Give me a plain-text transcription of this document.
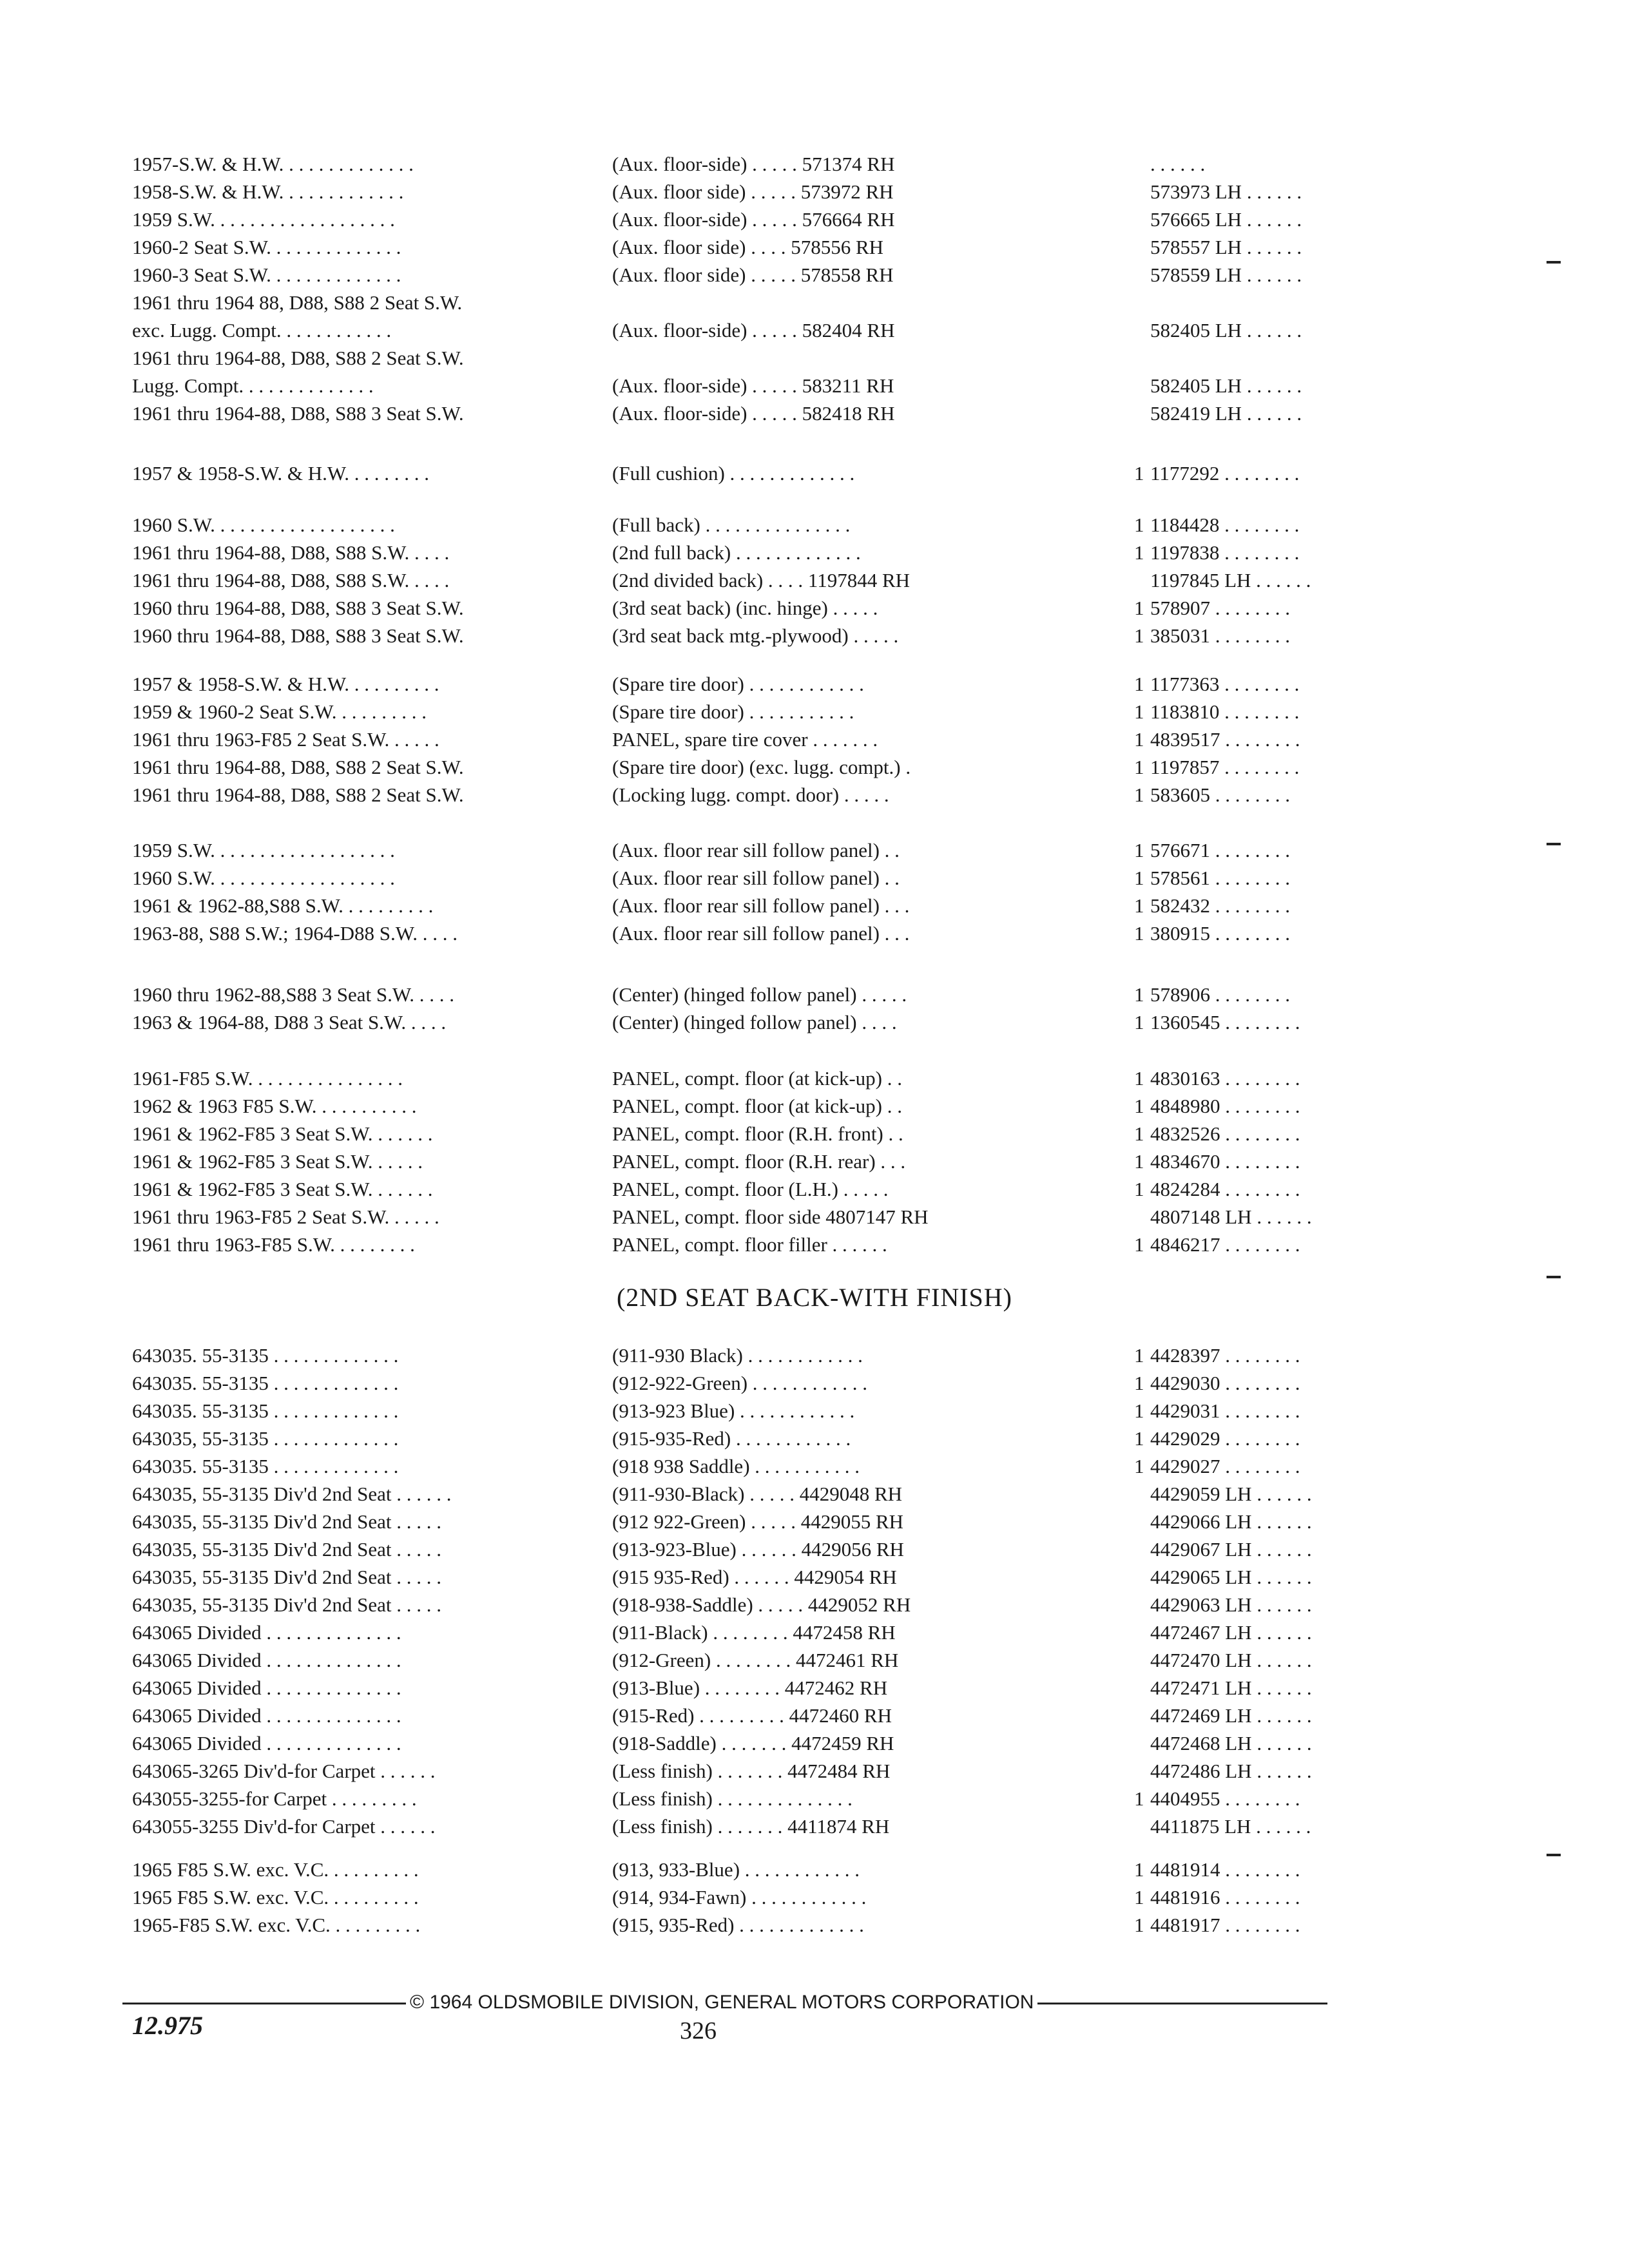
1957-S.W. & H.W. . . . . . . . . . . . . .	(Aux. floor-side) . . . . . 571374 RH	. . . . . .
1958-S.W. & H.W. . . . . . . . . . . . .	(Aux. floor side) . . . . . 573972 RH	573973 LH . . . . . .
1959 S.W. . . . . . . . . . . . . . . . . . .	(Aux. floor-side) . . . . . 576664 RH	576665 LH . . . . . .
1960-2 Seat S.W. . . . . . . . . . . . . .	(Aux. floor side) . . . . 578556 RH	578557 LH . . . . . .
1960-3 Seat S.W. . . . . . . . . . . . . .	(Aux. floor side) . . . . . 578558 RH	578559 LH . . . . . .
1961 thru 1964 88, D88, S88 2 Seat S.W.
exc. Lugg. Compt. . . . . . . . . . . .	(Aux. floor-side) . . . . . 582404 RH	582405 LH . . . . . .
1961 thru 1964-88, D88, S88 2 Seat S.W.
Lugg. Compt. . . . . . . . . . . . . .	(Aux. floor-side) . . . . . 583211 RH	582405 LH . . . . . .
1961 thru 1964-88, D88, S88 3 Seat S.W.	(Aux. floor-side) . . . . . 582418 RH	582419 LH . . . . . .
1957 & 1958-S.W. & H.W. . . . . . . . .	(Full cushion) . . . . . . . . . . . . .	1 1177292 . . . . . . . .
1960 S.W. . . . . . . . . . . . . . . . . . .	(Full back) . . . . . . . . . . . . . . .	1 1184428 . . . . . . . .
1961 thru 1964-88, D88, S88 S.W. . . . .	(2nd full back) . . . . . . . . . . . . .	1 1197838 . . . . . . . .
1961 thru 1964-88, D88, S88 S.W. . . . .	(2nd divided back) . . . . 1197844 RH	1197845 LH . . . . . .
1960 thru 1964-88, D88, S88 3 Seat S.W.	(3rd seat back) (inc. hinge) . . . . .	1 578907 . . . . . . . .
1960 thru 1964-88, D88, S88 3 Seat S.W.	(3rd seat back mtg.-plywood) . . . . .	1 385031 . . . . . . . .
1957 & 1958-S.W. & H.W. . . . . . . . . .	(Spare tire door) . . . . . . . . . . . .	1 1177363 . . . . . . . .
1959 & 1960-2 Seat S.W. . . . . . . . . .	(Spare tire door) . . . . . . . . . . .	1 1183810 . . . . . . . .
1961 thru 1963-F85 2 Seat S.W. . . . . .	PANEL, spare tire cover . . . . . . .	1 4839517 . . . . . . . .
1961 thru 1964-88, D88, S88 2 Seat S.W.	(Spare tire door) (exc. lugg. compt.) .	1 1197857 . . . . . . . .
1961 thru 1964-88, D88, S88 2 Seat S.W.	(Locking lugg. compt. door) . . . . .	1 583605 . . . . . . . .
1959 S.W. . . . . . . . . . . . . . . . . . .	(Aux. floor rear sill follow panel) . .	1 576671 . . . . . . . .
1960 S.W. . . . . . . . . . . . . . . . . . .	(Aux. floor rear sill follow panel) . .	1 578561 . . . . . . . .
1961 & 1962-88,S88 S.W. . . . . . . . . .	(Aux. floor rear sill follow panel) . . .	1 582432 . . . . . . . .
1963-88, S88 S.W.; 1964-D88 S.W. . . . .	(Aux. floor rear sill follow panel) . . .	1 380915 . . . . . . . .
1960 thru 1962-88,S88 3 Seat S.W. . . . .	(Center) (hinged follow panel) . . . . .	1 578906 . . . . . . . .
1963 & 1964-88, D88 3 Seat S.W. . . . .	(Center) (hinged follow panel) . . . .	1 1360545 . . . . . . . .
1961-F85 S.W. . . . . . . . . . . . . . . .	PANEL, compt. floor (at kick-up) . .	1 4830163 . . . . . . . .
1962 & 1963 F85 S.W. . . . . . . . . . .	PANEL, compt. floor (at kick-up) . .	1 4848980 . . . . . . . .
1961 & 1962-F85 3 Seat S.W. . . . . . .	PANEL, compt. floor (R.H. front) . .	1 4832526 . . . . . . . .
1961 & 1962-F85 3 Seat S.W. . . . . .	PANEL, compt. floor (R.H. rear) . . .	1 4834670 . . . . . . . .
1961 & 1962-F85 3 Seat S.W. . . . . . .	PANEL, compt. floor (L.H.) . . . . .	1 4824284 . . . . . . . .
1961 thru 1963-F85 2 Seat S.W. . . . . .	PANEL, compt. floor side 4807147 RH	4807148 LH . . . . . .
1961 thru 1963-F85 S.W. . . . . . . . .	PANEL, compt. floor filler . . . . . .	1 4846217 . . . . . . . .
(2ND SEAT BACK-WITH FINISH)
643035. 55-3135 . . . . . . . . . . . . .	(911-930 Black) . . . . . . . . . . . .	1 4428397 . . . . . . . .
643035. 55-3135 . . . . . . . . . . . . .	(912-922-Green) . . . . . . . . . . . .	1 4429030 . . . . . . . .
643035. 55-3135 . . . . . . . . . . . . .	(913-923 Blue) . . . . . . . . . . . .	1 4429031 . . . . . . . .
643035, 55-3135 . . . . . . . . . . . . .	(915-935-Red) . . . . . . . . . . . .	1 4429029 . . . . . . . .
643035. 55-3135 . . . . . . . . . . . . .	(918 938 Saddle) . . . . . . . . . . .	1 4429027 . . . . . . . .
643035, 55-3135 Div'd 2nd Seat . . . . . .	(911-930-Black) . . . . . 4429048 RH	4429059 LH . . . . . .
643035, 55-3135 Div'd 2nd Seat . . . . .	(912 922-Green) . . . . . 4429055 RH	4429066 LH . . . . . .
643035, 55-3135 Div'd 2nd Seat . . . . .	(913-923-Blue) . . . . . . 4429056 RH	4429067 LH . . . . . .
643035, 55-3135 Div'd 2nd Seat . . . . .	(915 935-Red) . . . . . . 4429054 RH	4429065 LH . . . . . .
643035, 55-3135 Div'd 2nd Seat . . . . .	(918-938-Saddle) . . . . . 4429052 RH	4429063 LH . . . . . .
643065 Divided . . . . . . . . . . . . . .	(911-Black) . . . . . . . . 4472458 RH	4472467 LH . . . . . .
643065 Divided . . . . . . . . . . . . . .	(912-Green) . . . . . . . . 4472461 RH	4472470 LH . . . . . .
643065 Divided . . . . . . . . . . . . . .	(913-Blue) . . . . . . . . 4472462 RH	4472471 LH . . . . . .
643065 Divided . . . . . . . . . . . . . .	(915-Red) . . . . . . . . . 4472460 RH	4472469 LH . . . . . .
643065 Divided . . . . . . . . . . . . . .	(918-Saddle) . . . . . . . 4472459 RH	4472468 LH . . . . . .
643065-3265 Div'd-for Carpet . . . . . .	(Less finish) . . . . . . . 4472484 RH	4472486 LH . . . . . .
643055-3255-for Carpet . . . . . . . . .	(Less finish) . . . . . . . . . . . . . .	1 4404955 . . . . . . . .
643055-3255 Div'd-for Carpet . . . . . .	(Less finish) . . . . . . . 4411874 RH	4411875 LH . . . . . .
1965 F85 S.W. exc. V.C. . . . . . . . . .	(913, 933-Blue) . . . . . . . . . . . .	1 4481914 . . . . . . . .
1965 F85 S.W. exc. V.C. . . . . . . . . .	(914, 934-Fawn) . . . . . . . . . . . .	1 4481916 . . . . . . . .
1965-F85 S.W. exc. V.C. . . . . . . . . .	(915, 935-Red) . . . . . . . . . . . . .	1 4481917 . . . . . . . .
© 1964 OLDSMOBILE DIVISION, GENERAL MOTORS CORPORATION
12.975	326
